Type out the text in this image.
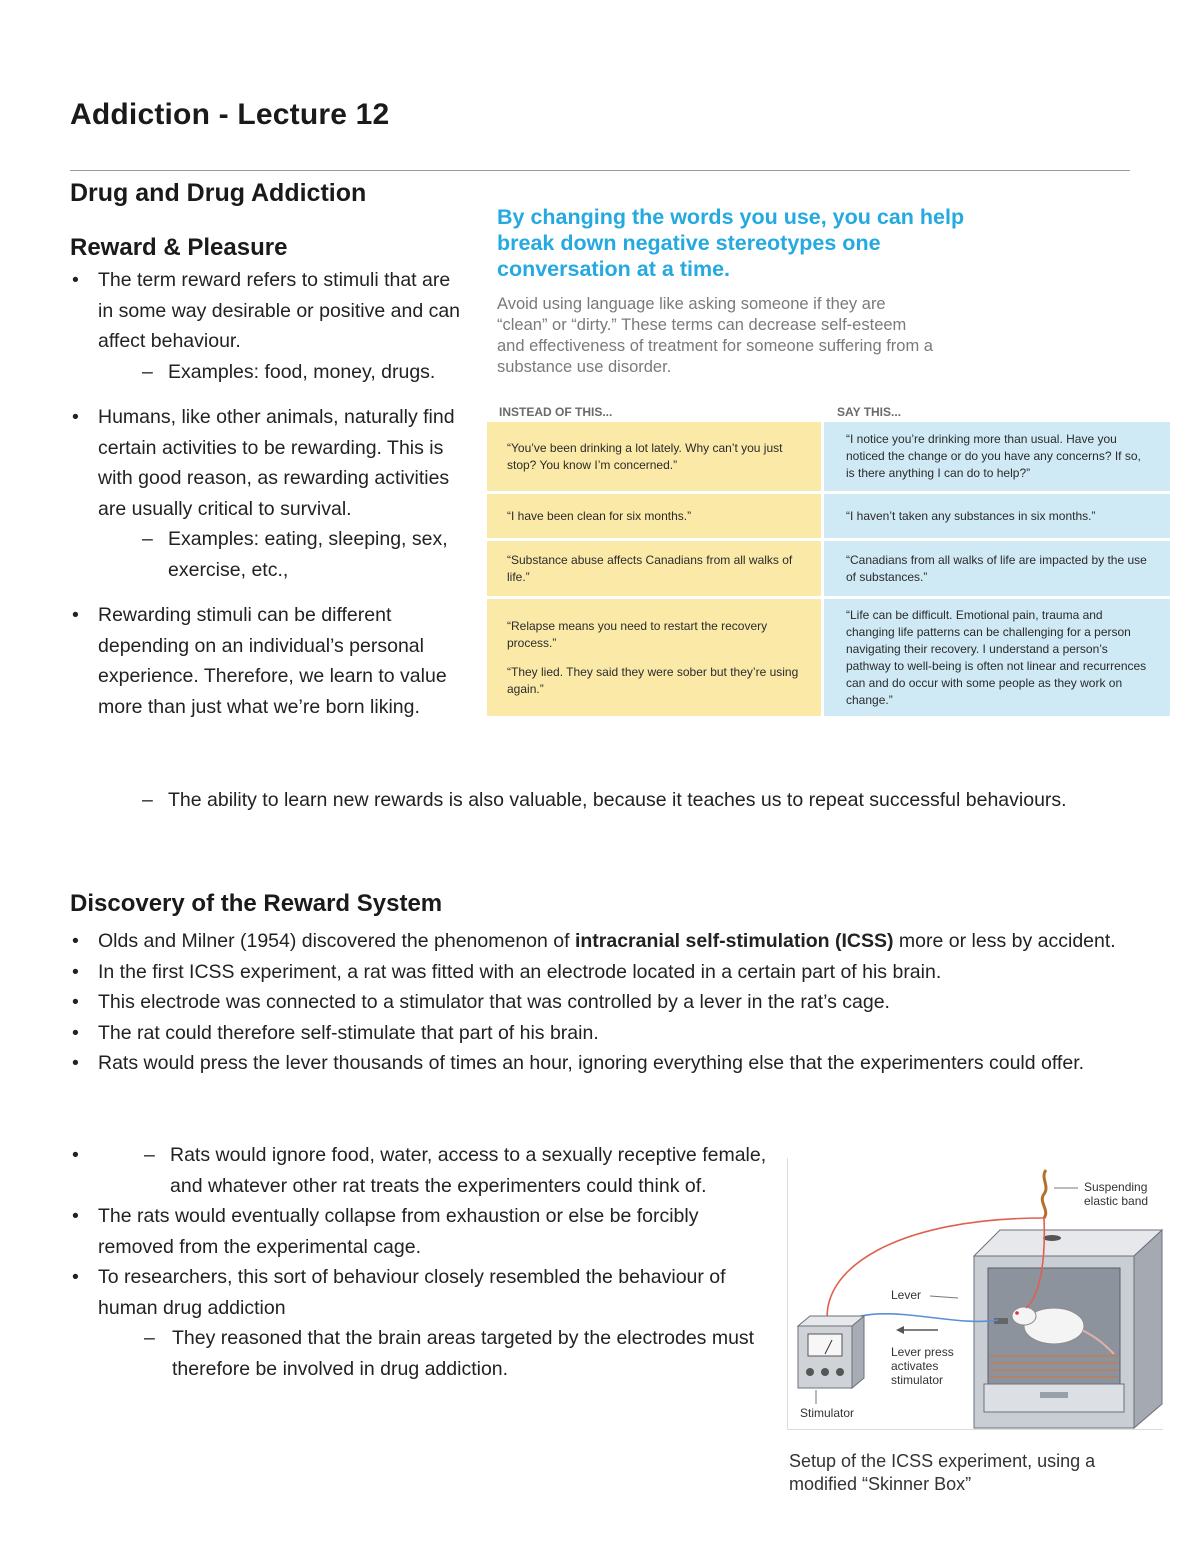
Addiction - Lecture 12
Drug and Drug Addiction
Reward & Pleasure
• The term reward refers to stimuli that are in some way desirable or positive and can affect behaviour.
– Examples: food, money, drugs.
• Humans, like other animals, naturally find certain activities to be rewarding. This is with good reason, as rewarding activities are usually critical to survival.
– Examples: eating, sleeping, sex, exercise, etc.,
• Rewarding stimuli can be different depending on an individual’s personal experience. Therefore, we learn to value more than just what we’re born liking.
– The ability to learn new rewards is also valuable, because it teaches us to repeat successful behaviours.
By changing the words you use, you can help break down negative stereotypes one conversation at a time.
Avoid using language like asking someone if they are “clean” or “dirty.” These terms can decrease self-esteem and effectiveness of treatment for someone suffering from a substance use disorder.
INSTEAD OF THIS...	SAY THIS...

“You’ve been drinking a lot lately. Why can’t you just stop? You know I’m concerned.”

“I notice you’re drinking more than usual. Have you noticed the change or do you have any concerns? If so, is there anything I can do to help?”

“I have been clean for six months.”	“I haven’t taken any substances in six months.”

“Substance abuse affects Canadians from all walks of life.”

“Canadians from all walks of life are impacted by the use of substances.”

“Relapse means you need to restart the recovery process.”

“They lied. They said they were sober but they’re using again.”

“Life can be difficult. Emotional pain, trauma and changing life patterns can be challenging for a person navigating their recovery. I understand a person’s pathway to well-being is often not linear and recurrences can and do occur with some people as they work on change.”

Discovery of the Reward System
• Olds and Milner (1954) discovered the phenomenon of intracranial self-stimulation (ICSS) more or less by accident.
• In the first ICSS experiment, a rat was fitted with an electrode located in a certain part of his brain.
• This electrode was connected to a stimulator that was controlled by a lever in the rat’s cage.
• The rat could therefore self-stimulate that part of his brain.
• Rats would press the lever thousands of times an hour, ignoring everything else that the experimenters could offer.
– • Rats would ignore food, water, access to a sexually receptive female, and whatever other rat treats the experimenters could think of.
• The rats would eventually collapse from exhaustion or else be forcibly removed from the experimental cage.
• To researchers, this sort of behaviour closely resembled the behaviour of human drug addiction
– They reasoned that the brain areas targeted by the electrodes must therefore be involved in drug addiction.
Suspending elastic band
Lever
Lever press activates stimulator
Stimulator
Setup of the ICSS experiment, using a modified “Skinner Box”
